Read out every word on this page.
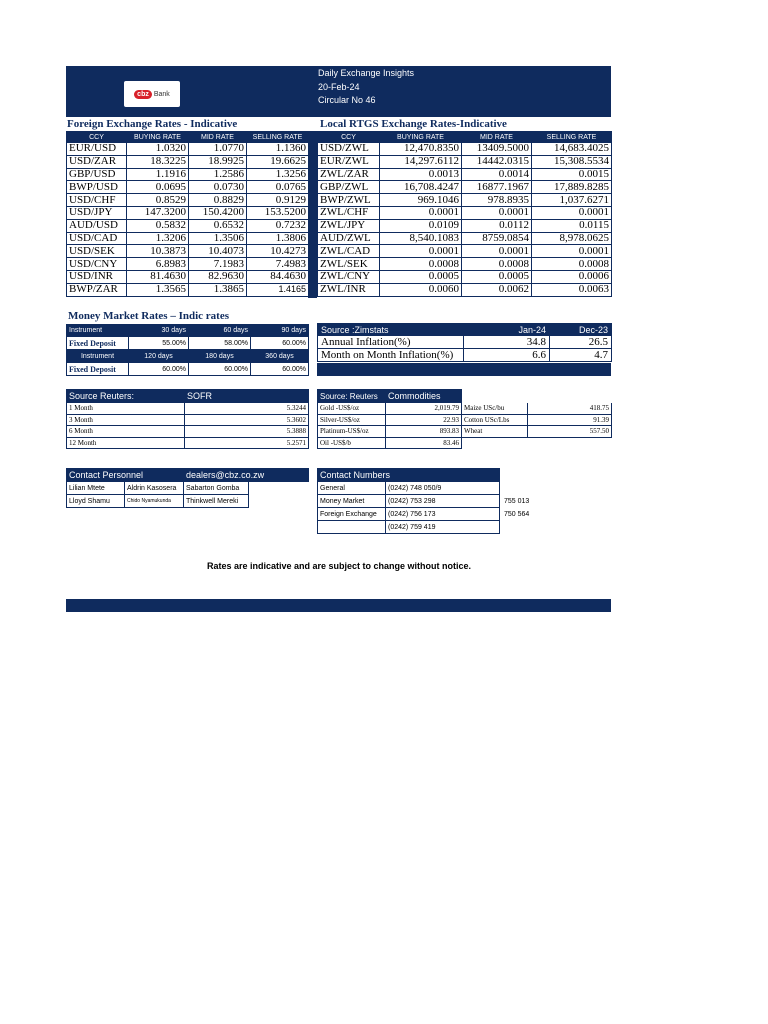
cbz Bank
Daily Exchange Insights
20-Feb-24
Circular No 46
Foreign Exchange Rates - Indicative	Local RTGS Exchange Rates-Indicative
CCY	BUYING RATE	MID RATE	SELLING RATE
EUR/USD	1.0320	1.0770	1.1360
USD/ZAR	18.3225	18.9925	19.6625
GBP/USD	1.1916	1.2586	1.3256
BWP/USD	0.0695	0.0730	0.0765
USD/CHF	0.8529	0.8829	0.9129
USD/JPY	147.3200	150.4200	153.5200
AUD/USD	0.5832	0.6532	0.7232
USD/CAD	1.3206	1.3506	1.3806
USD/SEK	10.3873	10.4073	10.4273
USD/CNY	6.8983	7.1983	7.4983
USD/INR	81.4630	82.9630	84.4630
BWP/ZAR	1.3565	1.3865	1.4165
CCY	BUYING RATE	MID RATE	SELLING RATE
USD/ZWL	12,470.8350	13409.5000	14,683.4025
EUR/ZWL	14,297.6112	14442.0315	15,308.5534
ZWL/ZAR	0.0013	0.0014	0.0015
GBP/ZWL	16,708.4247	16877.1967	17,889.8285
BWP/ZWL	969.1046	978.8935	1,037.6271
ZWL/CHF	0.0001	0.0001	0.0001
ZWL/JPY	0.0109	0.0112	0.0115
AUD/ZWL	8,540.1083	8759.0854	8,978.0625
ZWL/CAD	0.0001	0.0001	0.0001
ZWL/SEK	0.0008	0.0008	0.0008
ZWL/CNY	0.0005	0.0005	0.0006
ZWL/INR	0.0060	0.0062	0.0063
Money Market Rates – Indic rates
Instrument	30 days	60 days	90 days
Fixed Deposit	55.00%	58.00%	60.00%
Instrument	120 days	180 days	360 days
Fixed Deposit	60.00%	60.00%	60.00%
Source :Zimstats	Jan-24	Dec-23
Annual Inflation(%)	34.8	26.5
Month on Month Inflation(%)	6.6	4.7
Source Reuters:	SOFR
1 Month	5.3244
3 Month	5.3602
6 Month	5.3888
12 Month	5.2571
Source: Reuters	Commodities		
Gold -US$/oz	2,019.79	Maize USc/bu	418.75
Silver-US$/oz	22.93	Cotton USc/Lbs	91.39
Platinum-US$/oz	893.83	Wheat	557.50
Oil -US$/b	83.46		
Contact Personnel		dealers@cbz.co.zw	
Lilian Mtete	Aldrin Kasosera	Sabarton Gomba	
Lloyd Shamu	Chido Nyamukunda	Thinkwell Mereki	
Contact Numbers		
General	(0242) 748 050/9	
Money Market	(0242) 753 298	755 013
Foreign Exchange	(0242) 756 173	750 564
	(0242) 759 419	
Rates are indicative and are subject to change without notice.
